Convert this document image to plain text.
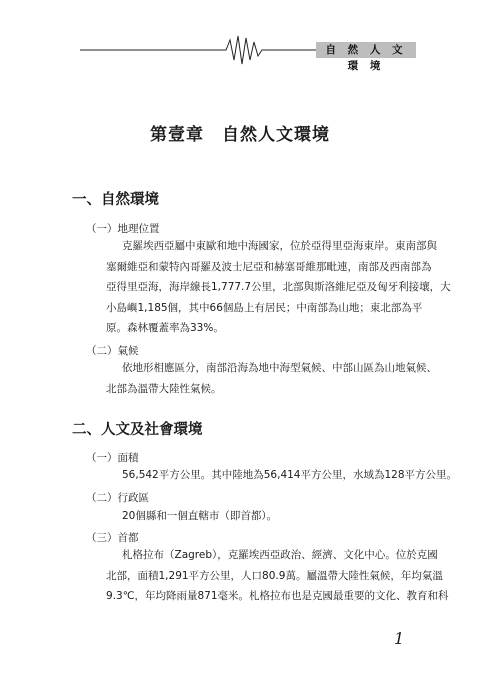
自 然 人 文 環 境
第壹章　自然人文環境
一、自然環境
（一）地理位置
克羅埃西亞屬中東歐和地中海國家，位於亞得里亞海東岸。東南部與
塞爾維亞和蒙特內哥羅及波士尼亞和赫塞哥維那毗連，南部及西南部為
亞得里亞海，海岸線長1,777.7公里，北部與斯洛維尼亞及匈牙利接壤，大
小島嶼1,185個，其中66個島上有居民；中南部為山地；東北部為平
原。森林覆蓋率為33%。
（二）氣候
依地形相應區分，南部沿海為地中海型氣候、中部山區為山地氣候、
北部為溫帶大陸性氣候。
二、人文及社會環境
（一）面積
56,542平方公里。其中陸地為56,414平方公里，水域為128平方公里。
（二）行政區
20個縣和一個直轄市（即首都）。
（三）首都
札格拉布（Zagreb），克羅埃西亞政治、經濟、文化中心。位於克國
北部，面積1,291平方公里，人口80.9萬。屬溫帶大陸性氣候，年均氣溫
9.3℃，年均降雨量871毫米。札格拉布也是克國最重要的文化、教育和科
1
